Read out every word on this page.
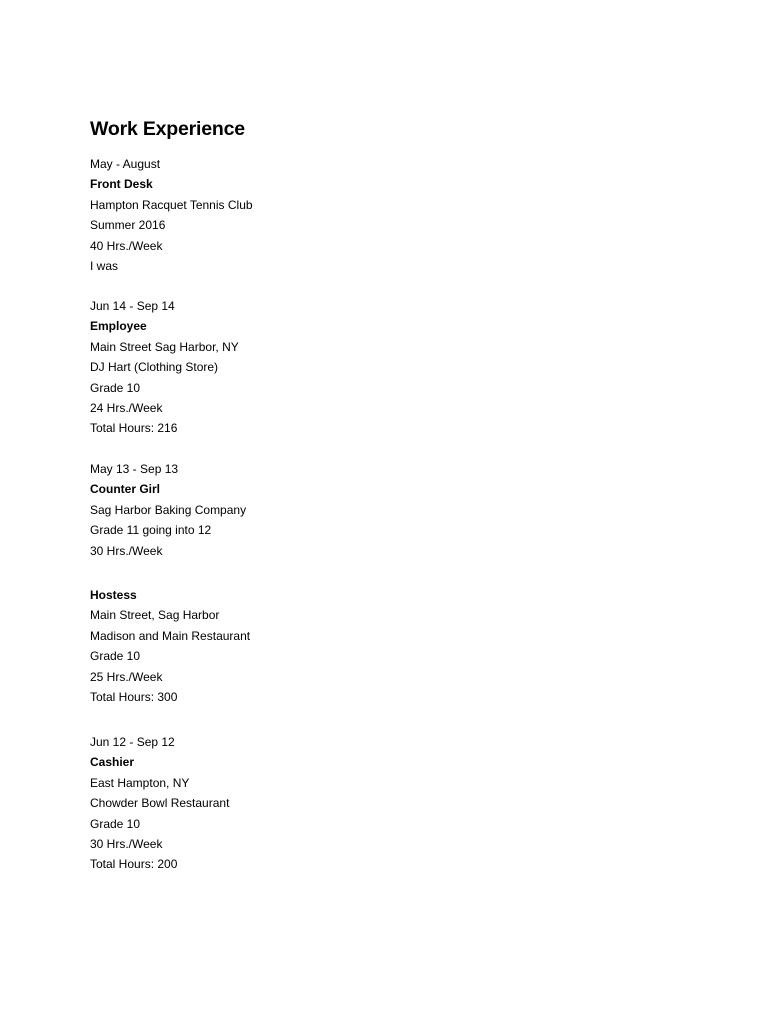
Work Experience
May - August
Front Desk
Hampton Racquet Tennis Club
Summer 2016
40 Hrs./Week
I was
Jun 14 - Sep 14
Employee
Main Street Sag Harbor, NY
DJ Hart (Clothing Store)
Grade 10
24 Hrs./Week
Total Hours: 216
May 13 - Sep 13
Counter Girl
Sag Harbor Baking Company
Grade 11 going into 12
30 Hrs./Week
Hostess
Main Street, Sag Harbor
Madison and Main Restaurant
Grade 10
25 Hrs./Week
Total Hours: 300
Jun 12 - Sep 12
Cashier
East Hampton, NY
Chowder Bowl Restaurant
Grade 10
30 Hrs./Week
Total Hours: 200
